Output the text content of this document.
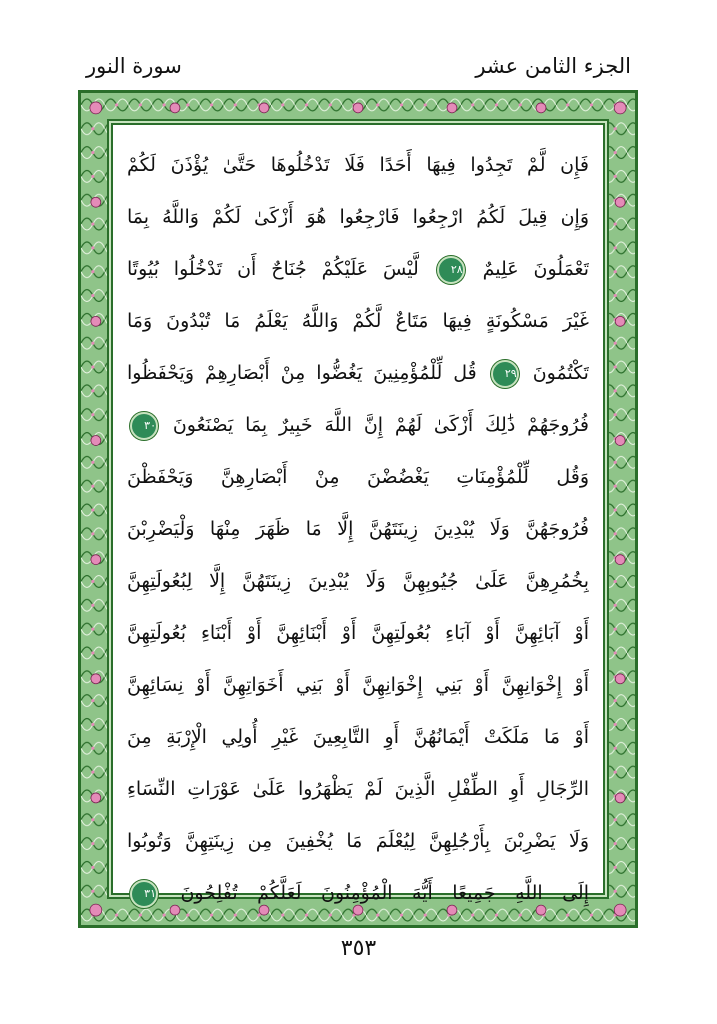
سورة النور	الجزء الثامن عشر
فَإِن لَّمْ تَجِدُوا فِيهَا أَحَدًا فَلَا تَدْخُلُوهَا حَتَّىٰ يُؤْذَنَ لَكُمْ
وَإِن قِيلَ لَكُمُ ارْجِعُوا فَارْجِعُوا هُوَ أَزْكَىٰ لَكُمْ وَاللَّهُ بِمَا
تَعْمَلُونَ عَلِيمٌ ٢٨ لَّيْسَ عَلَيْكُمْ جُنَاحٌ أَن تَدْخُلُوا بُيُوتًا
غَيْرَ مَسْكُونَةٍ فِيهَا مَتَاعٌ لَّكُمْ وَاللَّهُ يَعْلَمُ مَا تُبْدُونَ وَمَا
تَكْتُمُونَ ٢٩ قُل لِّلْمُؤْمِنِينَ يَغُضُّوا مِنْ أَبْصَارِهِمْ وَيَحْفَظُوا
فُرُوجَهُمْ ذَٰلِكَ أَزْكَىٰ لَهُمْ إِنَّ اللَّهَ خَبِيرٌ بِمَا يَصْنَعُونَ ٣٠
وَقُل لِّلْمُؤْمِنَاتِ يَغْضُضْنَ مِنْ أَبْصَارِهِنَّ وَيَحْفَظْنَ
فُرُوجَهُنَّ وَلَا يُبْدِينَ زِينَتَهُنَّ إِلَّا مَا ظَهَرَ مِنْهَا وَلْيَضْرِبْنَ
بِخُمُرِهِنَّ عَلَىٰ جُيُوبِهِنَّ وَلَا يُبْدِينَ زِينَتَهُنَّ إِلَّا لِبُعُولَتِهِنَّ
أَوْ آبَائِهِنَّ أَوْ آبَاءِ بُعُولَتِهِنَّ أَوْ أَبْنَائِهِنَّ أَوْ أَبْنَاءِ بُعُولَتِهِنَّ
أَوْ إِخْوَانِهِنَّ أَوْ بَنِي إِخْوَانِهِنَّ أَوْ بَنِي أَخَوَاتِهِنَّ أَوْ نِسَائِهِنَّ
أَوْ مَا مَلَكَتْ أَيْمَانُهُنَّ أَوِ التَّابِعِينَ غَيْرِ أُولِي الْإِرْبَةِ مِنَ
الرِّجَالِ أَوِ الطِّفْلِ الَّذِينَ لَمْ يَظْهَرُوا عَلَىٰ عَوْرَاتِ النِّسَاءِ
وَلَا يَضْرِبْنَ بِأَرْجُلِهِنَّ لِيُعْلَمَ مَا يُخْفِينَ مِن زِينَتِهِنَّ وَتُوبُوا
إِلَى اللَّهِ جَمِيعًا أَيُّهَ الْمُؤْمِنُونَ لَعَلَّكُمْ تُفْلِحُونَ ٣١
٣٥٣
